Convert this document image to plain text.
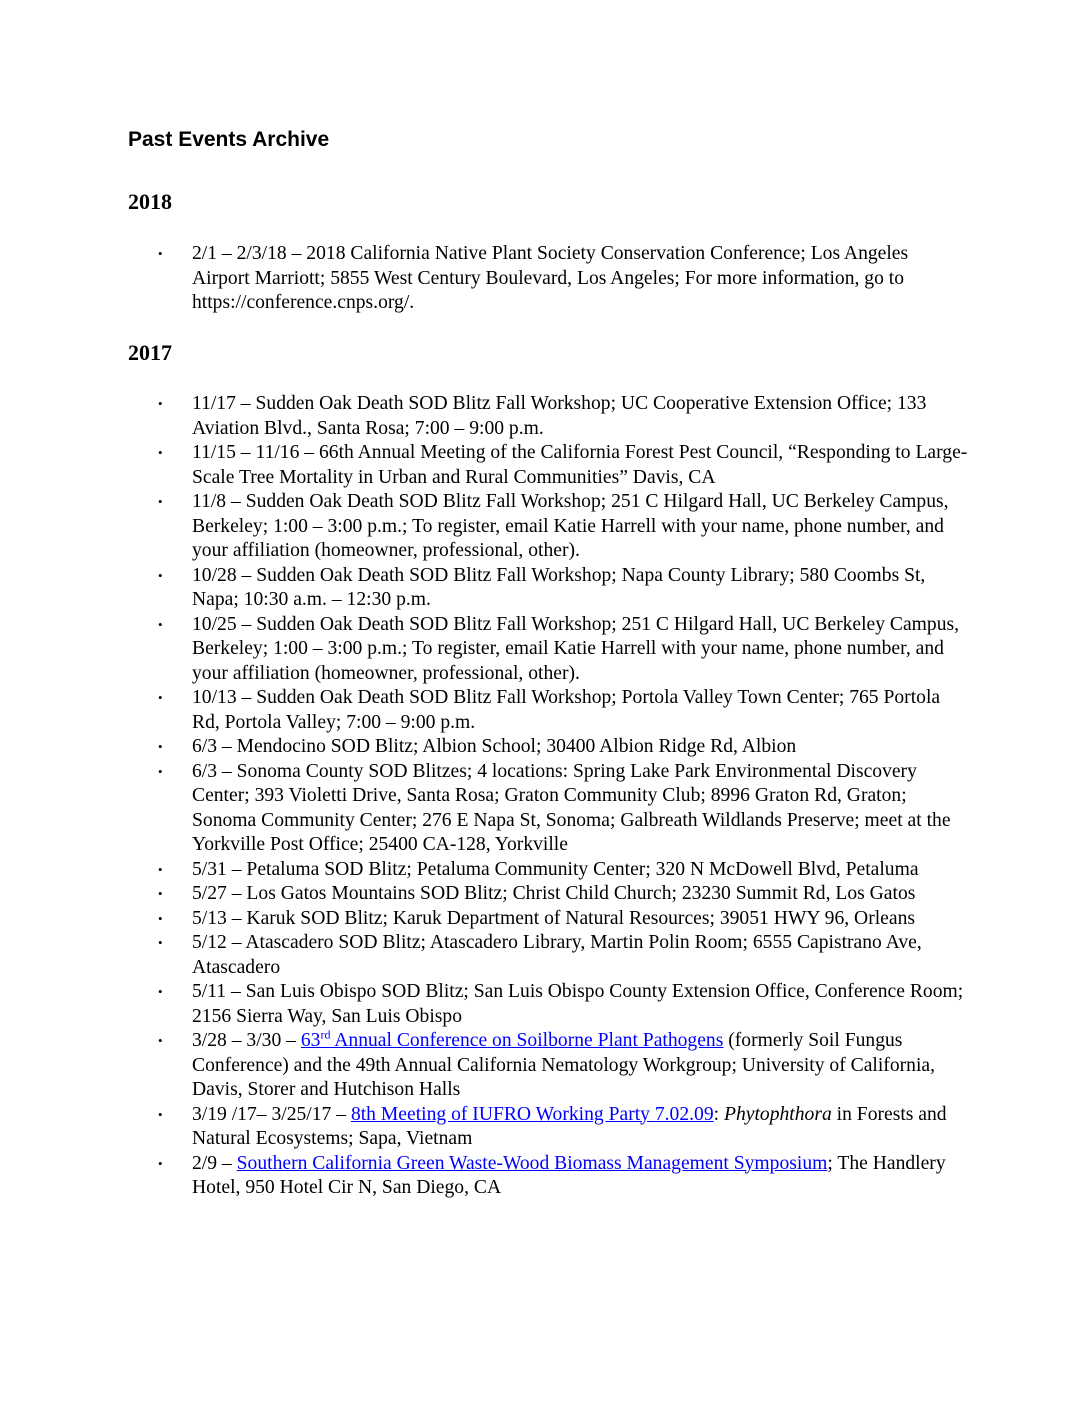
Past Events Archive
2018
• 2/1 – 2/3/18 – 2018 California Native Plant Society Conservation Conference; Los Angeles Airport Marriott; 5855 West Century Boulevard, Los Angeles; For more information, go to https://conference.cnps.org/.
2017
• 11/17 – Sudden Oak Death SOD Blitz Fall Workshop; UC Cooperative Extension Office; 133 Aviation Blvd., Santa Rosa; 7:00 – 9:00 p.m.
• 11/15 – 11/16 – 66th Annual Meeting of the California Forest Pest Council, “Responding to Large-Scale Tree Mortality in Urban and Rural Communities” Davis, CA
• 11/8 – Sudden Oak Death SOD Blitz Fall Workshop; 251 C Hilgard Hall, UC Berkeley Campus, Berkeley; 1:00 – 3:00 p.m.; To register, email Katie Harrell with your name, phone number, and your affiliation (homeowner, professional, other).
• 10/28 – Sudden Oak Death SOD Blitz Fall Workshop; Napa County Library; 580 Coombs St, Napa; 10:30 a.m. – 12:30 p.m.
• 10/25 – Sudden Oak Death SOD Blitz Fall Workshop; 251 C Hilgard Hall, UC Berkeley Campus, Berkeley; 1:00 – 3:00 p.m.; To register, email Katie Harrell with your name, phone number, and your affiliation (homeowner, professional, other).
• 10/13 – Sudden Oak Death SOD Blitz Fall Workshop; Portola Valley Town Center; 765 Portola Rd, Portola Valley; 7:00 – 9:00 p.m.
• 6/3 – Mendocino SOD Blitz; Albion School; 30400 Albion Ridge Rd, Albion
• 6/3 – Sonoma County SOD Blitzes; 4 locations: Spring Lake Park Environmental Discovery Center; 393 Violetti Drive, Santa Rosa; Graton Community Club; 8996 Graton Rd, Graton; Sonoma Community Center; 276 E Napa St, Sonoma; Galbreath Wildlands Preserve; meet at the Yorkville Post Office; 25400 CA-128, Yorkville
• 5/31 – Petaluma SOD Blitz; Petaluma Community Center; 320 N McDowell Blvd, Petaluma
• 5/27 – Los Gatos Mountains SOD Blitz; Christ Child Church; 23230 Summit Rd, Los Gatos
• 5/13 – Karuk SOD Blitz; Karuk Department of Natural Resources; 39051 HWY 96, Orleans
• 5/12 – Atascadero SOD Blitz; Atascadero Library, Martin Polin Room; 6555 Capistrano Ave, Atascadero
• 5/11 – San Luis Obispo SOD Blitz; San Luis Obispo County Extension Office, Conference Room; 2156 Sierra Way, San Luis Obispo
• 3/28 – 3/30 – 63rd Annual Conference on Soilborne Plant Pathogens (formerly Soil Fungus Conference) and the 49th Annual California Nematology Workgroup; University of California, Davis, Storer and Hutchison Halls
• 3/19 /17– 3/25/17 – 8th Meeting of IUFRO Working Party 7.02.09: Phytophthora in Forests and Natural Ecosystems; Sapa, Vietnam
• 2/9 – Southern California Green Waste-Wood Biomass Management Symposium; The Handlery Hotel, 950 Hotel Cir N, San Diego, CA
